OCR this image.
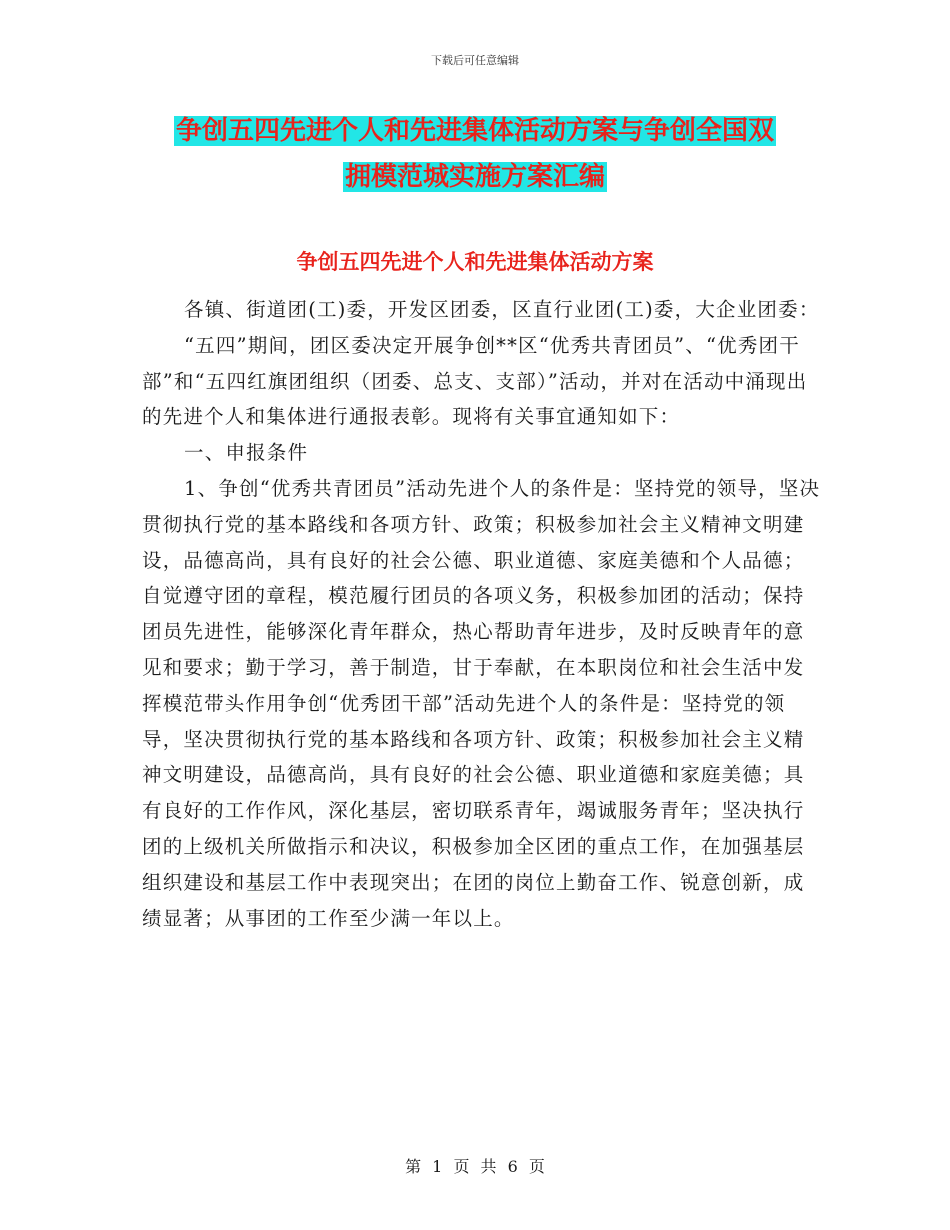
下载后可任意编辑
争创五四先进个人和先进集体活动方案与争创全国双
拥模范城实施方案汇编
争创五四先进个人和先进集体活动方案

各镇、街道团(工)委，开发区团委，区直行业团(工)委，大企业团委：

“五四”期间，团区委决定开展争创**区“优秀共青团员”、“优秀团干部”和“五四红旗团组织（团委、总支、支部）”活动，并对在活动中涌现出的先进个人和集体进行通报表彰。现将有关事宜通知如下：

一、申报条件

1、争创“优秀共青团员”活动先进个人的条件是：坚持党的领导，坚决贯彻执行党的基本路线和各项方针、政策；积极参加社会主义精神文明建设，品德高尚，具有良好的社会公德、职业道德、家庭美德和个人品德；自觉遵守团的章程，模范履行团员的各项义务，积极参加团的活动；保持团员先进性，能够深化青年群众，热心帮助青年进步，及时反映青年的意见和要求；勤于学习，善于制造，甘于奉献，在本职岗位和社会生活中发挥模范带头作用争创“优秀团干部”活动先进个人的条件是：坚持党的领导，坚决贯彻执行党的基本路线和各项方针、政策；积极参加社会主义精神文明建设，品德高尚，具有良好的社会公德、职业道德和家庭美德；具有良好的工作作风，深化基层，密切联系青年，竭诚服务青年；坚决执行团的上级机关所做指示和决议，积极参加全区团的重点工作，在加强基层组织建设和基层工作中表现突出；在团的岗位上勤奋工作、锐意创新，成绩显著；从事团的工作至少满一年以上。

第 1 页 共 6 页
